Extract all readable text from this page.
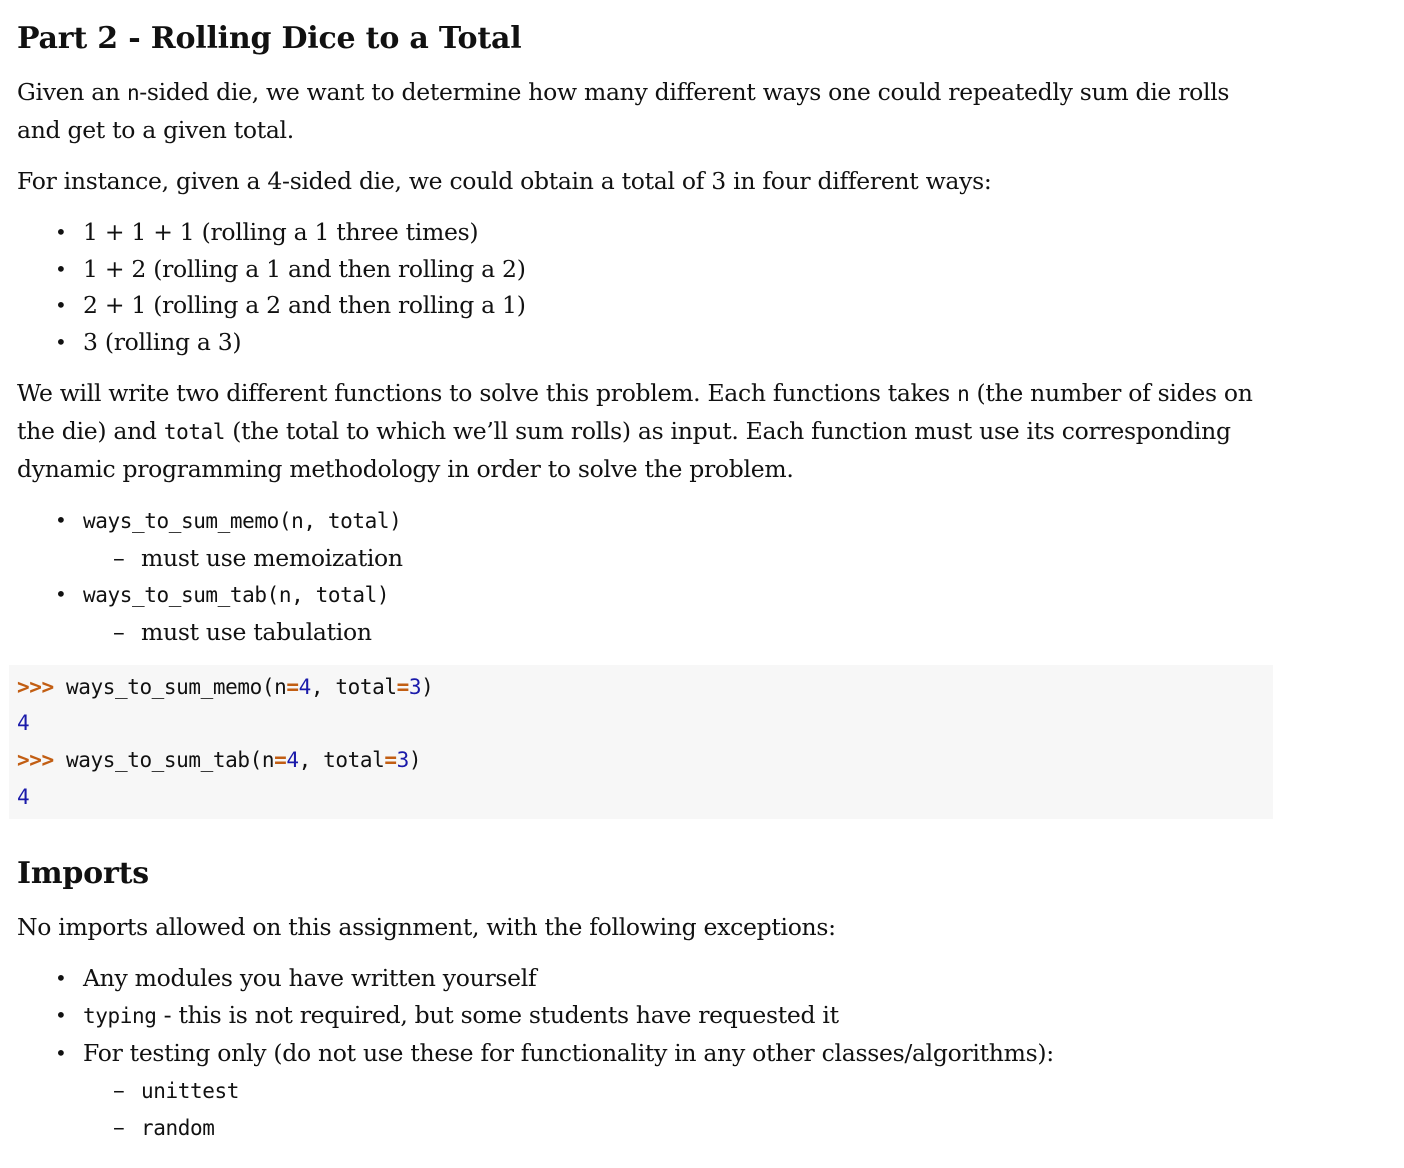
Part 2 - Rolling Dice to a Total

Given an n-sided die, we want to determine how many different ways one could repeatedly sum die rolls and get to a given total.

For instance, given a 4-sided die, we could obtain a total of 3 in four different ways:

• 1 + 1 + 1 (rolling a 1 three times)
• 1 + 2 (rolling a 1 and then rolling a 2)
• 2 + 1 (rolling a 2 and then rolling a 1)
• 3 (rolling a 3)

We will write two different functions to solve this problem. Each functions takes n (the number of sides on the die) and total (the total to which we’ll sum rolls) as input. Each function must use its corresponding dynamic programming methodology in order to solve the problem.

• ways_to_sum_memo(n, total)
– must use memoization
• ways_to_sum_tab(n, total)
– must use tabulation
>>> ways_to_sum_memo(n=4, total=3)
4
>>> ways_to_sum_tab(n=4, total=3)
4
Imports

No imports allowed on this assignment, with the following exceptions:

• Any modules you have written yourself
• typing - this is not required, but some students have requested it
• For testing only (do not use these for functionality in any other classes/algorithms):
– unittest
– random
